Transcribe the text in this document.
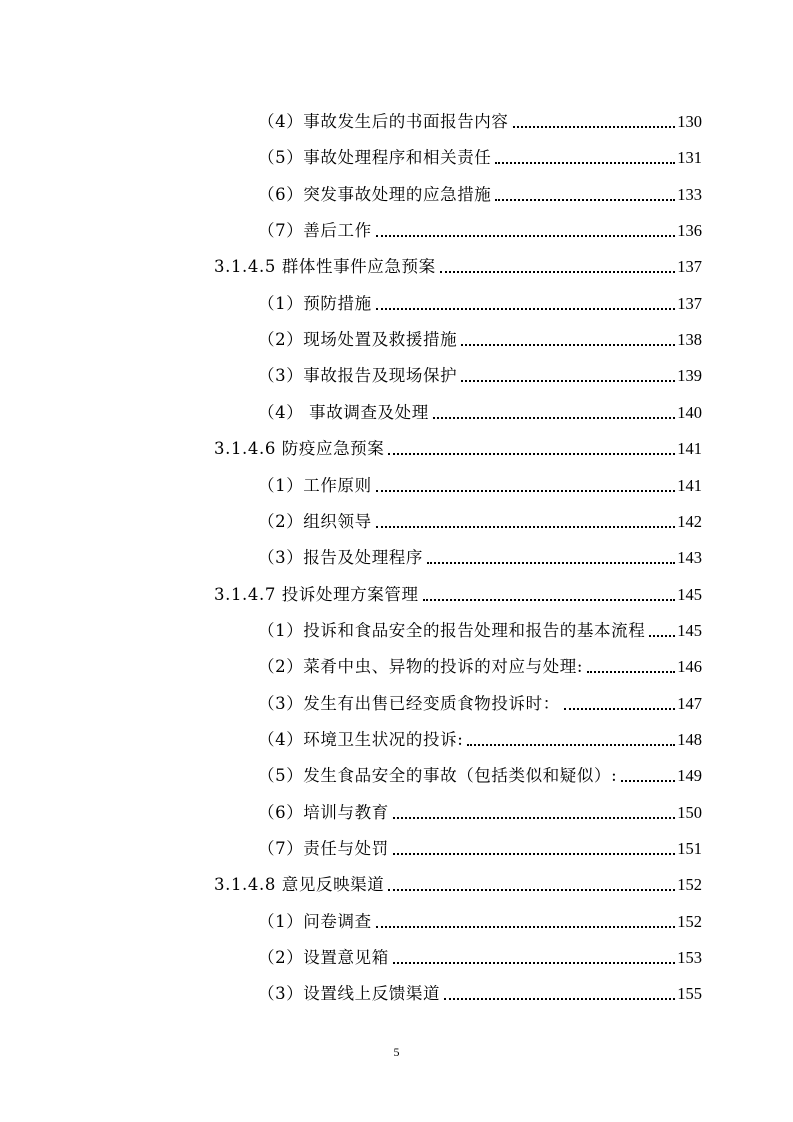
（4）事故发生后的书面报告内容	130
（5）事故处理程序和相关责任	131
（6）突发事故处理的应急措施	133
（7）善后工作	136
3.1.4.5 群体性事件应急预案	137
（1）预防措施	137
（2）现场处置及救援措施	138
（3）事故报告及现场保护	139
（4） 事故调查及处理	140
3.1.4.6 防疫应急预案	141
（1）工作原则	141
（2）组织领导	142
（3）报告及处理程序	143
3.1.4.7 投诉处理方案管理	145
（1）投诉和食品安全的报告处理和报告的基本流程 145
（2）菜肴中虫、异物的投诉的对应与处理:	146
（3）发生有出售已经变质食物投诉时：	147
（4）环境卫生状况的投诉:	148
（5）发生食品安全的事故（包括类似和疑似）:	149
（6）培训与教育	150
（7）责任与处罚	151
3.1.4.8 意见反映渠道	152
（1）问卷调查	152
（2）设置意见箱	153
（3）设置线上反馈渠道	155
5
